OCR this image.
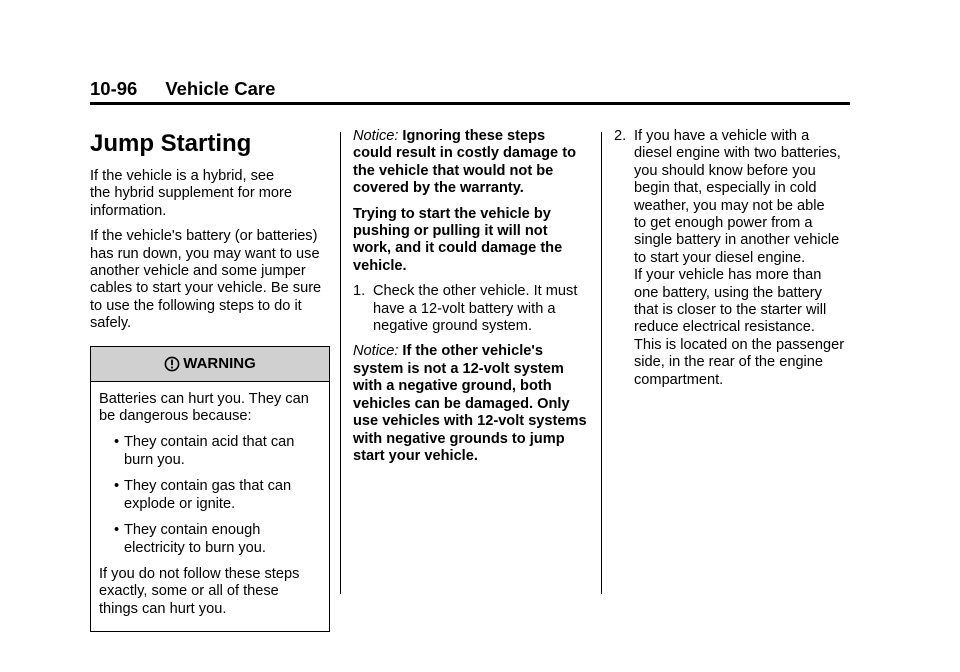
10-96 Vehicle Care
Jump Starting

If the vehicle is a hybrid, see
the hybrid supplement for more
information.

If the vehicle's battery (or batteries)
has run down, you may want to use
another vehicle and some jumper
cables to start your vehicle. Be sure
to use the following steps to do it
safely.

WARNING

Batteries can hurt you. They can
be dangerous because:

• They contain acid that can
burn you.
• They contain gas that can
explode or ignite.
• They contain enough
electricity to burn you.

If you do not follow these steps
exactly, some or all of these
things can hurt you.

Notice: Ignoring these steps
could result in costly damage to
the vehicle that would not be
covered by the warranty.

Trying to start the vehicle by
pushing or pulling it will not
work, and it could damage the
vehicle.

1. Check the other vehicle. It must
have a 12-volt battery with a
negative ground system.

Notice: If the other vehicle's
system is not a 12-volt system
with a negative ground, both
vehicles can be damaged. Only
use vehicles with 12-volt systems
with negative grounds to jump
start your vehicle.

2. If you have a vehicle with a
diesel engine with two batteries,
you should know before you
begin that, especially in cold
weather, you may not be able
to get enough power from a
single battery in another vehicle
to start your diesel engine.
If your vehicle has more than
one battery, using the battery
that is closer to the starter will
reduce electrical resistance.
This is located on the passenger
side, in the rear of the engine
compartment.
